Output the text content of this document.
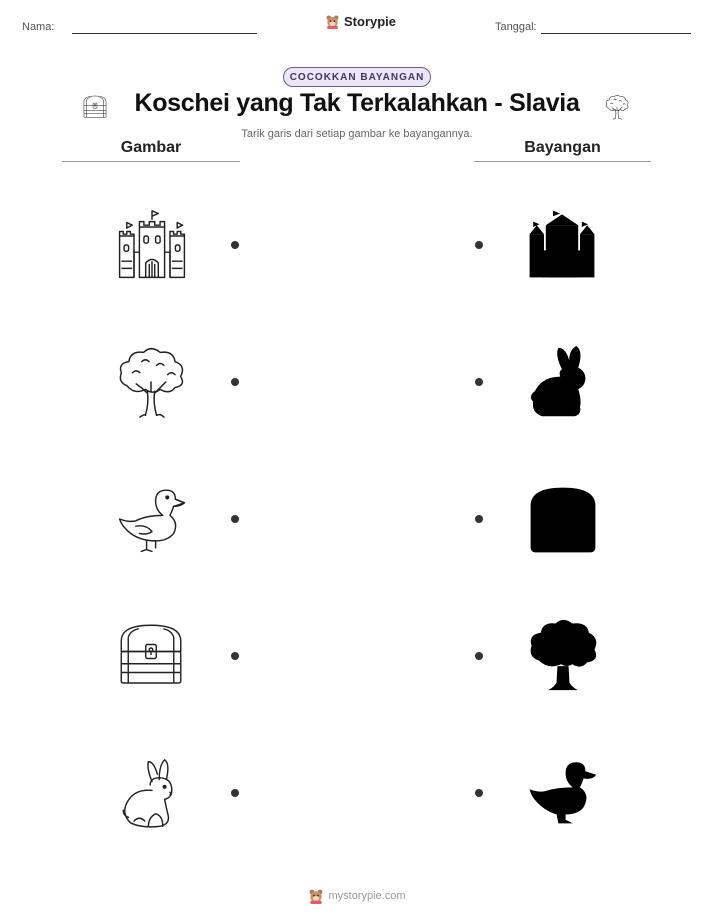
Nama:	Storypie	Tanggal:
COCOKKAN BAYANGAN
Koschei yang Tak Terkalahkan - Slavia
Tarik garis dari setiap gambar ke bayangannya.
Gambar	Bayangan
mystorypie.com
